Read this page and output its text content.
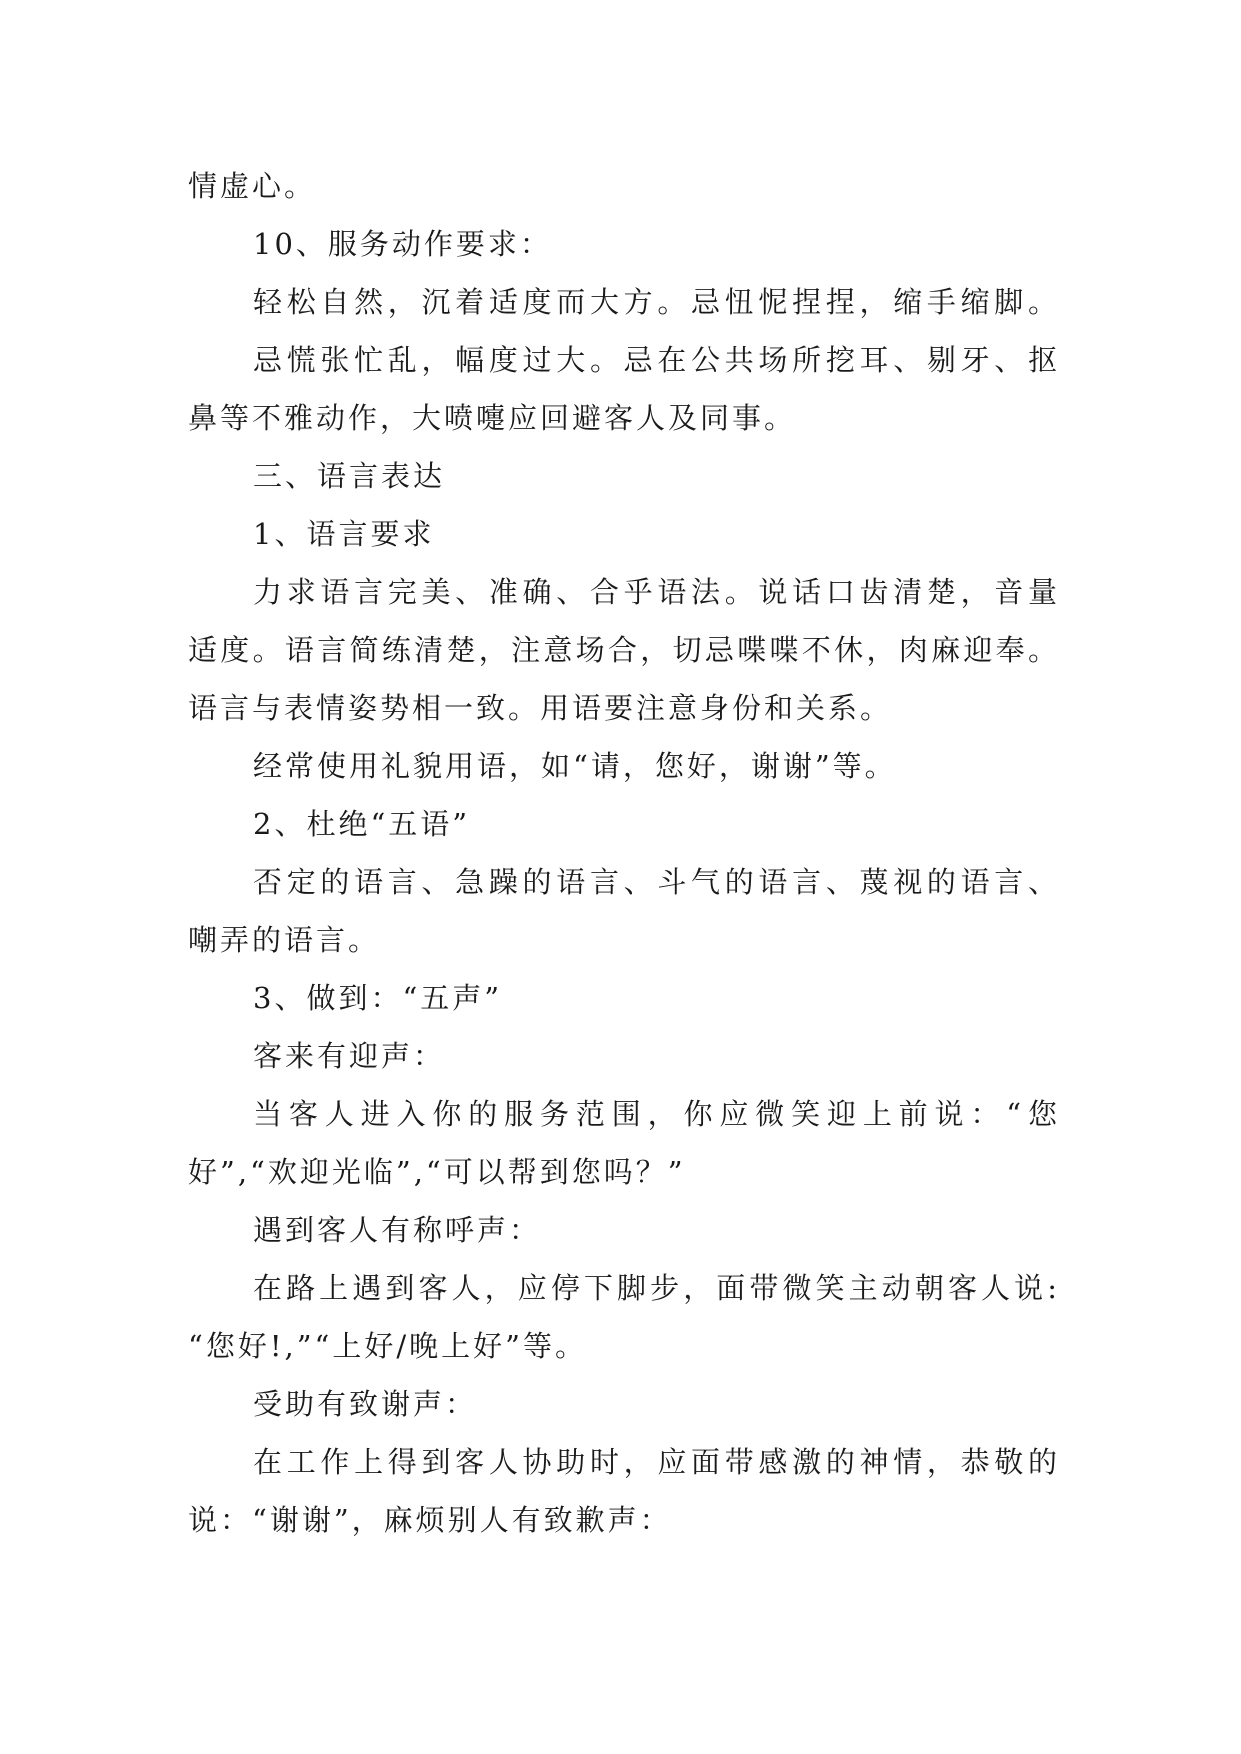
情虚心。
10、服务动作要求：
轻松自然，沉着适度而大方。忌忸怩捏捏，缩手缩脚。
忌慌张忙乱，幅度过大。忌在公共场所挖耳、剔牙、抠
鼻等不雅动作，大喷嚏应回避客人及同事。
三、语言表达
1、语言要求
力求语言完美、准确、合乎语法。说话口齿清楚，音量
适度。语言简练清楚，注意场合，切忌喋喋不休，肉麻迎奉。
语言与表情姿势相一致。用语要注意身份和关系。
经常使用礼貌用语，如“请，您好，谢谢”等。
2、杜绝“五语”
否定的语言、急躁的语言、斗气的语言、蔑视的语言、
嘲弄的语言。
3、做到：“五声”
客来有迎声：
当客人进入你的服务范围，你应微笑迎上前说：“您
好”,“欢迎光临”,“可以帮到您吗？”
遇到客人有称呼声：
在路上遇到客人，应停下脚步，面带微笑主动朝客人说:
“您好!,”“上好/晚上好”等。
受助有致谢声：
在工作上得到客人协助时，应面带感激的神情，恭敬的
说：“谢谢”，麻烦别人有致歉声：
